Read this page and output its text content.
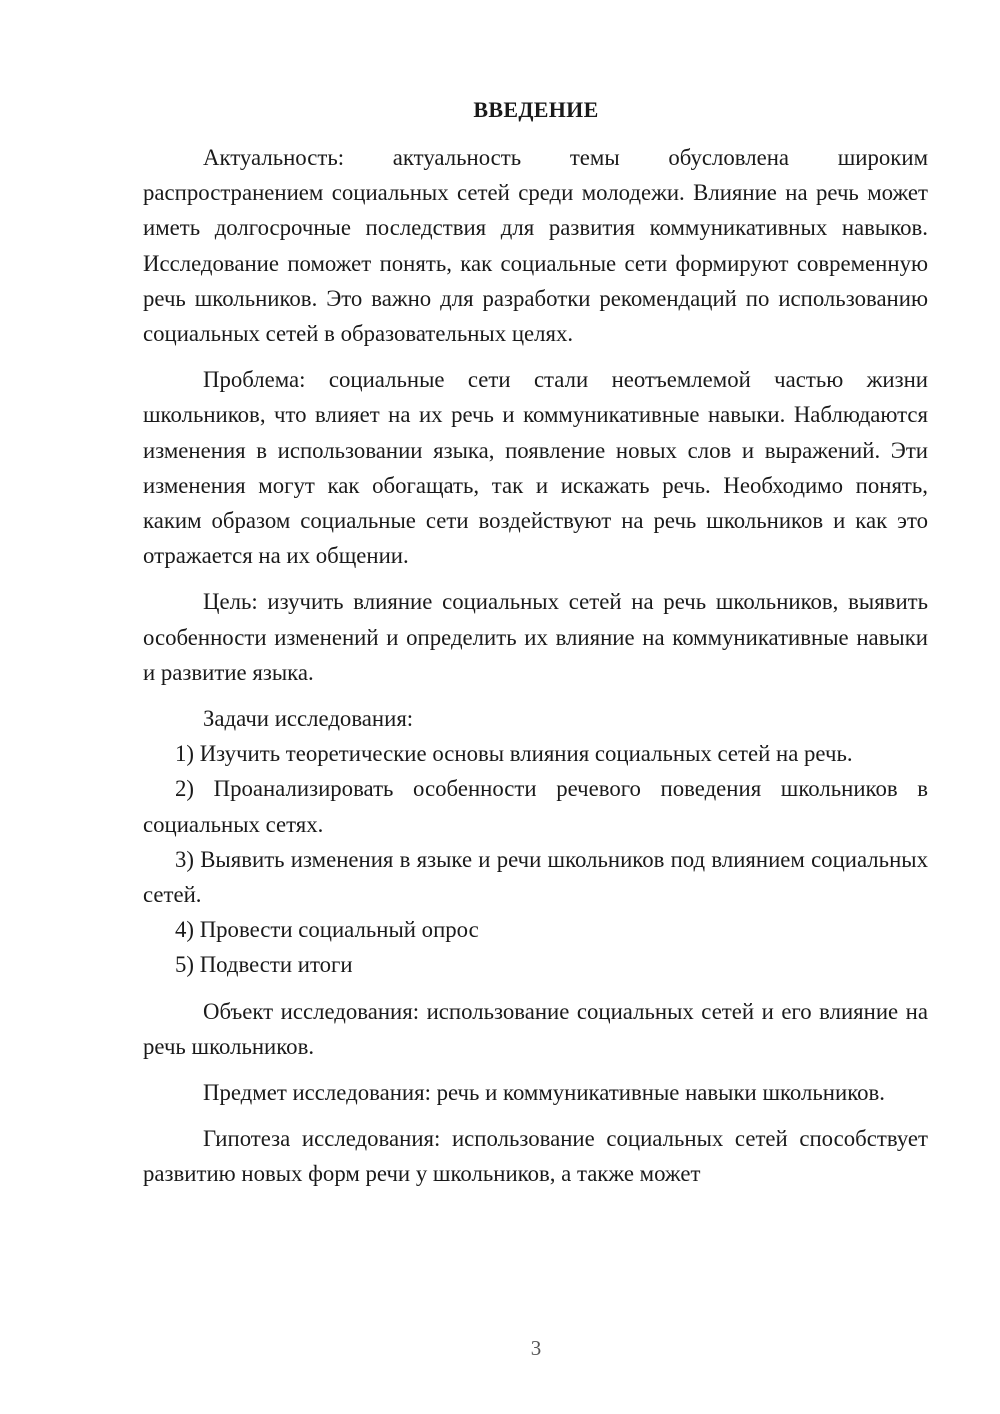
ВВЕДЕНИЕ

Актуальность: актуальность темы обусловлена широким распространением социальных сетей среди молодежи. Влияние на речь может иметь долгосрочные последствия для развития коммуникативных навыков. Исследование поможет понять, как социальные сети формируют современную речь школьников. Это важно для разработки рекомендаций по использованию социальных сетей в образовательных целях.

Проблема: социальные сети стали неотъемлемой частью жизни школьников, что влияет на их речь и коммуникативные навыки. Наблюдаются изменения в использовании языка, появление новых слов и выражений. Эти изменения могут как обогащать, так и искажать речь. Необходимо понять, каким образом социальные сети воздействуют на речь школьников и как это отражается на их общении.

Цель: изучить влияние социальных сетей на речь школьников, выявить особенности изменений и определить их влияние на коммуникативные навыки и развитие языка.

Задачи исследования:

1) Изучить теоретические основы влияния социальных сетей на речь.

2) Проанализировать особенности речевого поведения школьников в социальных сетях.

3) Выявить изменения в языке и речи школьников под влиянием социальных сетей.

4) Провести социальный опрос

5) Подвести итоги

Объект исследования: использование социальных сетей и его влияние на речь школьников.

Предмет исследования: речь и коммуникативные навыки школьников.

Гипотеза исследования: использование социальных сетей способствует развитию новых форм речи у школьников, а также может

3
